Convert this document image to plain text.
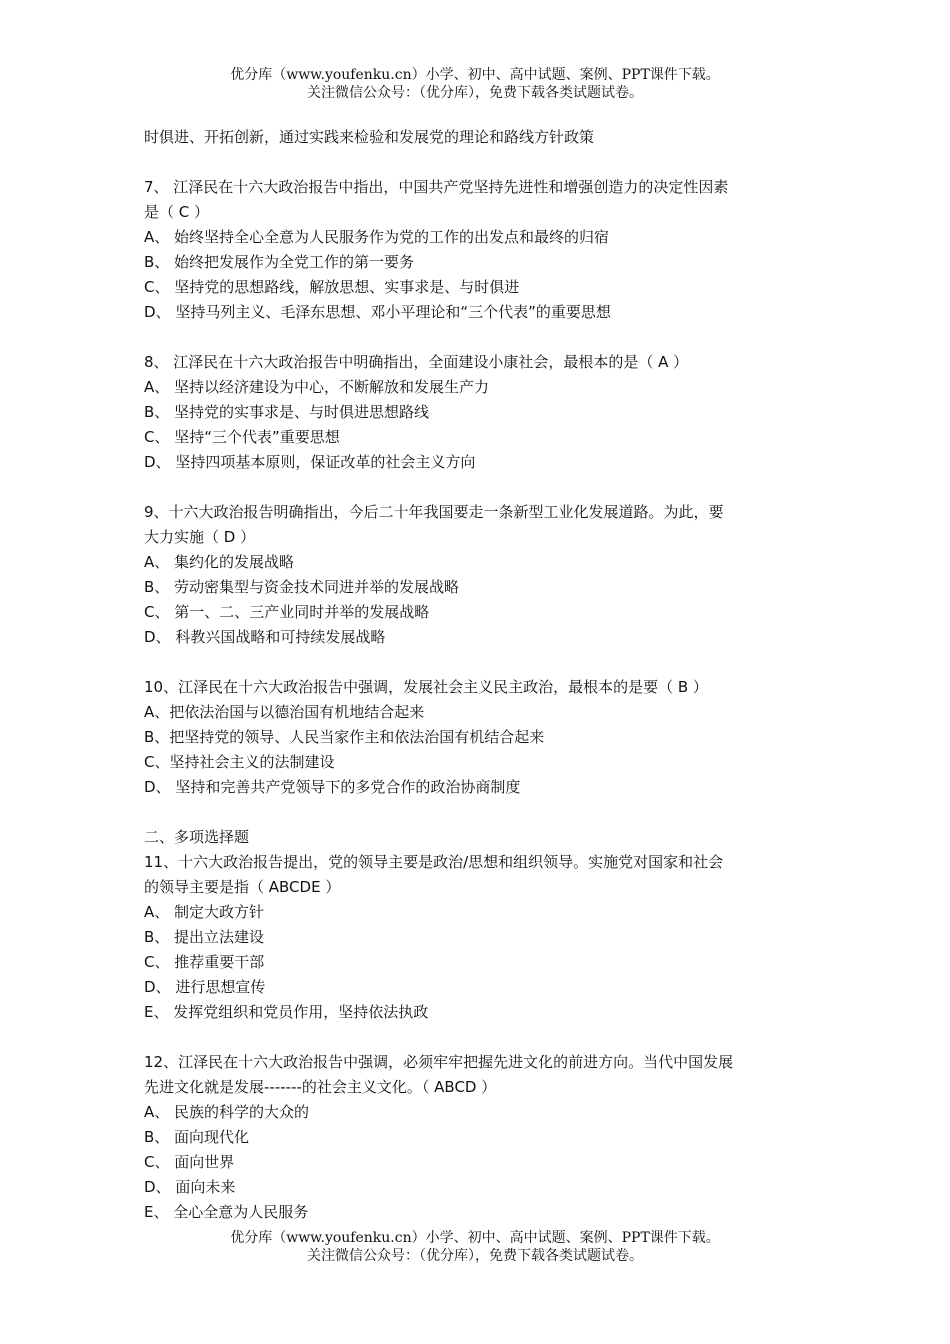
优分库（www.youfenku.cn）小学、初中、高中试题、案例、PPT课件下载。
关注微信公众号：（优分库），免费下载各类试题试卷。
时俱进、开拓创新，通过实践来检验和发展党的理论和路线方针政策
7、 江泽民在十六大政治报告中指出，中国共产党坚持先进性和增强创造力的决定性因素
是（ C ）
A、 始终坚持全心全意为人民服务作为党的工作的出发点和最终的归宿
B、 始终把发展作为全党工作的第一要务
C、 坚持党的思想路线，解放思想、实事求是、与时俱进
D、 坚持马列主义、毛泽东思想、邓小平理论和“三个代表”的重要思想
8、 江泽民在十六大政治报告中明确指出，全面建设小康社会，最根本的是（ A ）
A、 坚持以经济建设为中心，不断解放和发展生产力
B、 坚持党的实事求是、与时俱进思想路线
C、 坚持“三个代表”重要思想
D、 坚持四项基本原则，保证改革的社会主义方向
9、十六大政治报告明确指出，今后二十年我国要走一条新型工业化发展道路。为此，要
大力实施（ D ）
A、 集约化的发展战略
B、 劳动密集型与资金技术同进并举的发展战略
C、 第一、二、三产业同时并举的发展战略
D、 科教兴国战略和可持续发展战略
10、江泽民在十六大政治报告中强调，发展社会主义民主政治，最根本的是要（ B ）
A、把依法治国与以德治国有机地结合起来
B、把坚持党的领导、人民当家作主和依法治国有机结合起来
C、坚持社会主义的法制建设
D、 坚持和完善共产党领导下的多党合作的政治协商制度
二、多项选择题
11、十六大政治报告提出，党的领导主要是政治/思想和组织领导。实施党对国家和社会
的领导主要是指（ ABCDE ）
A、 制定大政方针
B、 提出立法建设
C、 推荐重要干部
D、 进行思想宣传
E、 发挥党组织和党员作用，坚持依法执政
12、江泽民在十六大政治报告中强调，必须牢牢把握先进文化的前进方向。当代中国发展
先进文化就是发展-------的社会主义文化。（ ABCD ）
A、 民族的科学的大众的
B、 面向现代化
C、 面向世界
D、 面向未来
E、 全心全意为人民服务
优分库（www.youfenku.cn）小学、初中、高中试题、案例、PPT课件下载。
关注微信公众号：（优分库），免费下载各类试题试卷。
